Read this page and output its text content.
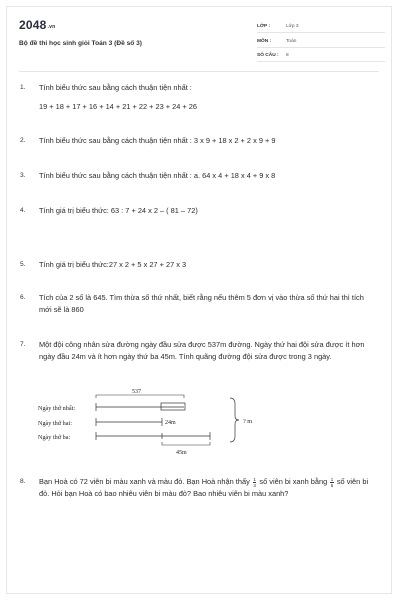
2048.vn
Bộ đề thi học sinh giỏi Toán 3 (Đề số 3)
LỚP :	Lớp 3
MÔN :	Toán
SỐ CÂU :	8
1. Tính biểu thức sau bằng cách thuận tiện nhất :
19 + 18 + 17 + 16 + 14 + 21 + 22 + 23 + 24 + 26
2. Tính biểu thức sau bằng cách thuận tiện nhất : 3 x 9 + 18 x 2 + 2 x 9 + 9
3. Tính biểu thức sau bằng cách thuận tiện nhất : a. 64 x 4 + 18 x 4 + 9 x 8
4. Tính giá trị biểu thức: 63 : 7 + 24 x 2 – ( 81 – 72)
5. Tính giá trị biểu thức:27 x 2 + 5 x 27 + 27 x 3
6. Tích của 2 số là 645. Tìm thừa số thứ nhất, biết rằng nếu thêm 5 đơn vị vào thừa số thứ hai thì tích mới sẽ là 860
7. Một đội công nhân sửa đường ngày đầu sửa được 537m đường. Ngày thứ hai đội sửa được ít hơn ngày đầu 24m và ít hơn ngày thứ ba 45m. Tính quãng đường đội sửa được trong 3 ngày.
Ngày thứ nhất:
Ngày thứ hai:
Ngày thứ ba:
537
24m
45m
? m
8. Bạn Hoà có 72 viên bi màu xanh và màu đỏ. Bạn Hoà nhận thấy $\frac{1}{3}$ số viên bi xanh bằng $\frac{1}{5}$ số viên bi đỏ. Hỏi bạn Hoà có bao nhiêu viên bi màu đỏ? Bao nhiêu viên bi màu xanh?
